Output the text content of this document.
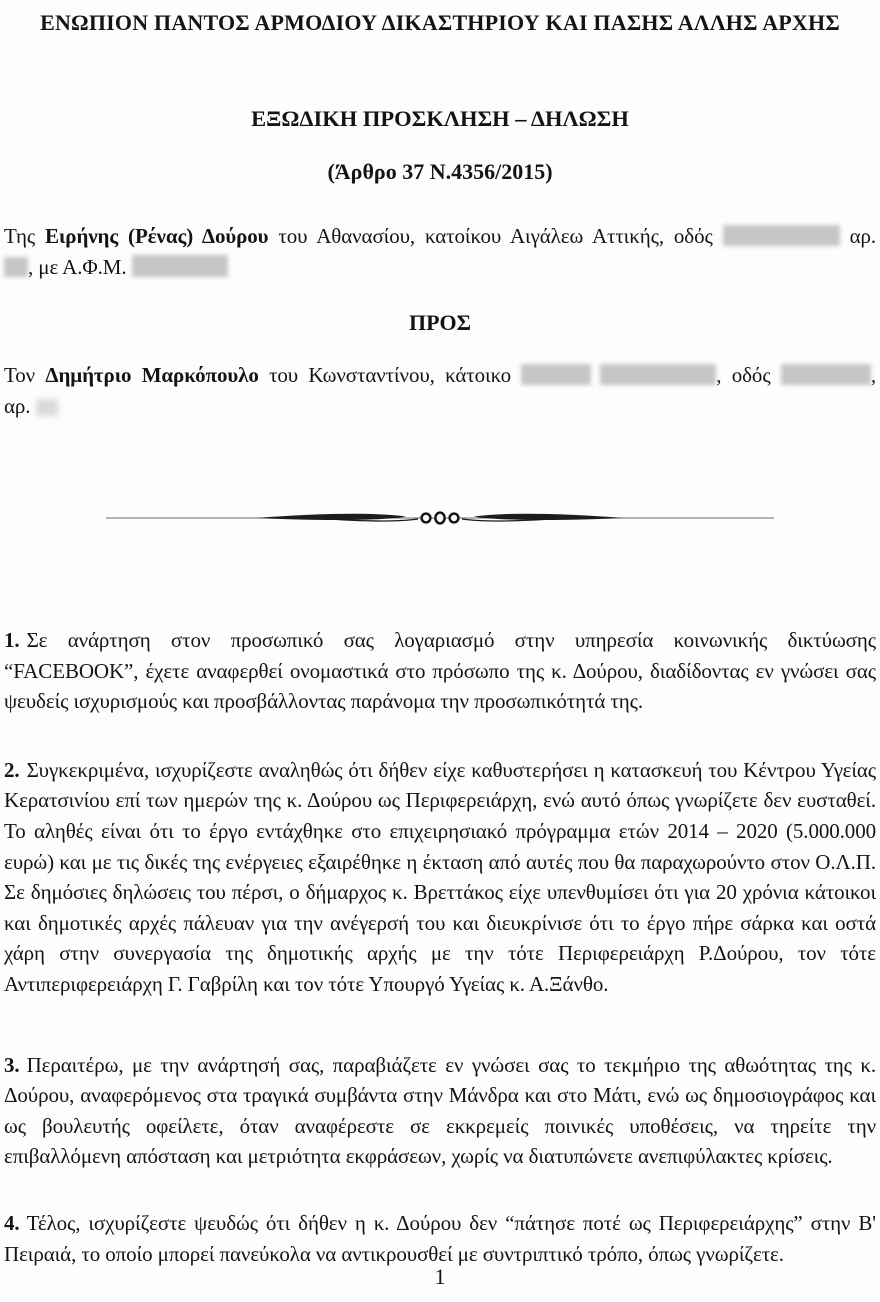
ΕΝΩΠΙΟΝ ΠΑΝΤΟΣ ΑΡΜΟΔΙΟΥ ΔΙΚΑΣΤΗΡΙΟΥ ΚΑΙ ΠΑΣΗΣ ΑΛΛΗΣ ΑΡΧΗΣ
ΕΞΩΔΙΚΗ ΠΡΟΣΚΛΗΣΗ – ΔΗΛΩΣΗ
(Άρθρο 37 Ν.4356/2015)
Της Ειρήνης (Ρένας) Δούρου του Αθανασίου, κατοίκου Αιγάλεω Αττικής, οδός	αρ.
, με Α.Φ.Μ.
ΠΡΟΣ
Τον Δημήτριο Μαρκόπουλο του Κωνσταντίνου, κάτοικο	, οδός	,
αρ.

1. Σε ανάρτηση στον προσωπικό σας λογαριασμό στην υπηρεσία κοινωνικής δικτύωσης “FACEBOOK”, έχετε αναφερθεί ονομαστικά στο πρόσωπο της κ. Δούρου, διαδίδοντας εν γνώσει σας ψευδείς ισχυρισμούς και προσβάλλοντας παράνομα την προσωπικότητά της.

2. Συγκεκριμένα, ισχυρίζεστε αναληθώς ότι δήθεν είχε καθυστερήσει η κατασκευή του Κέντρου Υγείας Κερατσινίου επί των ημερών της κ. Δούρου ως Περιφερειάρχη, ενώ αυτό όπως γνωρίζετε δεν ευσταθεί. Το αληθές είναι ότι το έργο εντάχθηκε στο επιχειρησιακό πρόγραμμα ετών 2014 – 2020 (5.000.000 ευρώ) και με τις δικές της ενέργειες εξαιρέθηκε η έκταση από αυτές που θα παραχωρούντο στον Ο.Λ.Π. Σε δημόσιες δηλώσεις του πέρσι, ο δήμαρχος κ. Βρεττάκος είχε υπενθυμίσει ότι για 20 χρόνια κάτοικοι και δημοτικές αρχές πάλευαν για την ανέγερσή του και διευκρίνισε ότι το έργο πήρε σάρκα και οστά χάρη στην συνεργασία της δημοτικής αρχής με την τότε Περιφερειάρχη Ρ.Δούρου, τον τότε Αντιπεριφερειάρχη Γ. Γαβρίλη και τον τότε Υπουργό Υγείας κ. Α.Ξάνθο.

3. Περαιτέρω, με την ανάρτησή σας, παραβιάζετε εν γνώσει σας το τεκμήριο της αθωότητας της κ. Δούρου, αναφερόμενος στα τραγικά συμβάντα στην Μάνδρα και στο Μάτι, ενώ ως δημοσιογράφος και ως βουλευτής οφείλετε, όταν αναφέρεστε σε εκκρεμείς ποινικές υποθέσεις, να τηρείτε την επιβαλλόμενη απόσταση και μετριότητα εκφράσεων, χωρίς να διατυπώνετε ανεπιφύλακτες κρίσεις.

4. Τέλος, ισχυρίζεστε ψευδώς ότι δήθεν η κ. Δούρου δεν “πάτησε ποτέ ως Περιφερειάρχης” στην Β' Πειραιά, το οποίο μπορεί πανεύκολα να αντικρουσθεί με συντριπτικό τρόπο, όπως γνωρίζετε.

1
